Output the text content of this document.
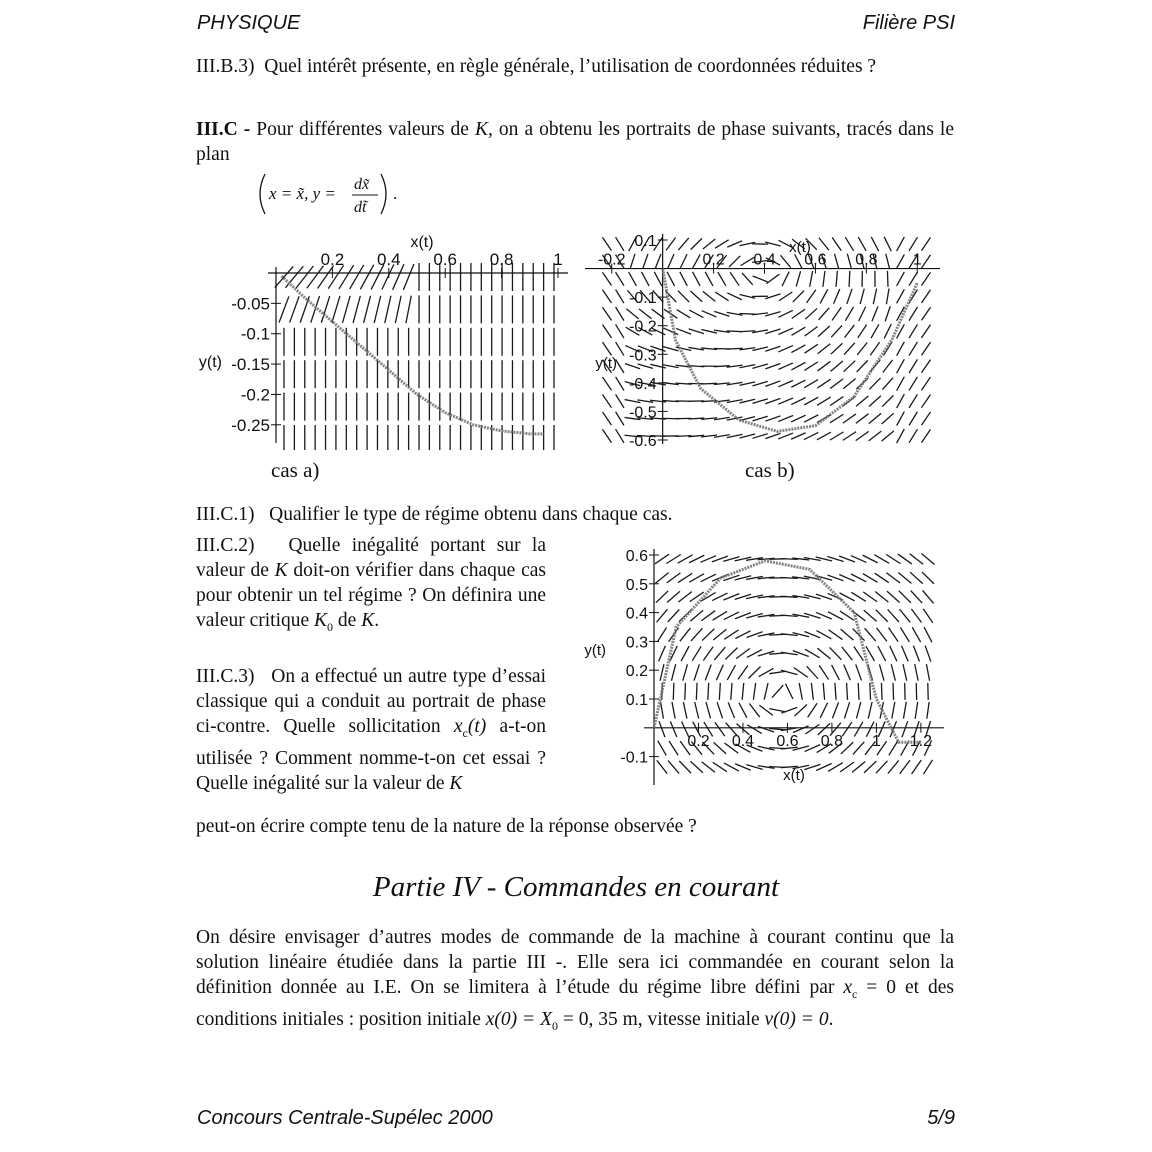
PHYSIQUE	Filière PSI

III.B.3) Quel intérêt présente, en règle générale, l’utilisation de coordonnées réduites ?

III.C - Pour différentes valeurs de K, on a obtenu les portraits de phase suivants, tracés dans le plan

x = x̃, y = dx̃
dt̃
.
0.2 0.4 0.6 0.8 1
-0.05
-0.1
-0.15
-0.2
-0.25
x(t)
y(t)
cas a)
-0.2	0.2 0.4 0.6 0.8 1
0.1
-0.1
-0.2
-0.3
-0.4
-0.5
-0.6
x(t)
y(t)
cas b)

III.C.1) Qualifier le type de régime obtenu dans chaque cas.

III.C.2) Quelle inégalité portant sur la valeur de K doit-on vérifier dans chaque cas pour obtenir un tel régime ? On définira une valeur critique $K_0$ de K.

III.C.3) On a effectué un autre type d’essai classique qui a conduit au portrait de phase ci-contre. Quelle sollicitation $x_c(t)$ a-t-on utilisée ? Comment nomme-t-on cet essai ? Quelle inégalité sur la valeur de K

peut-on écrire compte tenu de la nature de la réponse observée ?

0.2 0.4 0.6 0.8 1 1.2
0.6
0.5
0.4
0.3
0.2
0.1
-0.1
x(t)
y(t)
Partie IV - Commandes en courant

On désire envisager d’autres modes de commande de la machine à courant continu que la solution linéaire étudiée dans la partie III -. Elle sera ici commandée en courant selon la définition donnée au I.E. On se limitera à l’étude du régime libre défini par $x_c = 0$ et des conditions initiales : position initiale $x(0) = X_0 = 0$, 35 m, vitesse initiale v(0) = 0.

Concours Centrale-Supélec 2000	5/9
